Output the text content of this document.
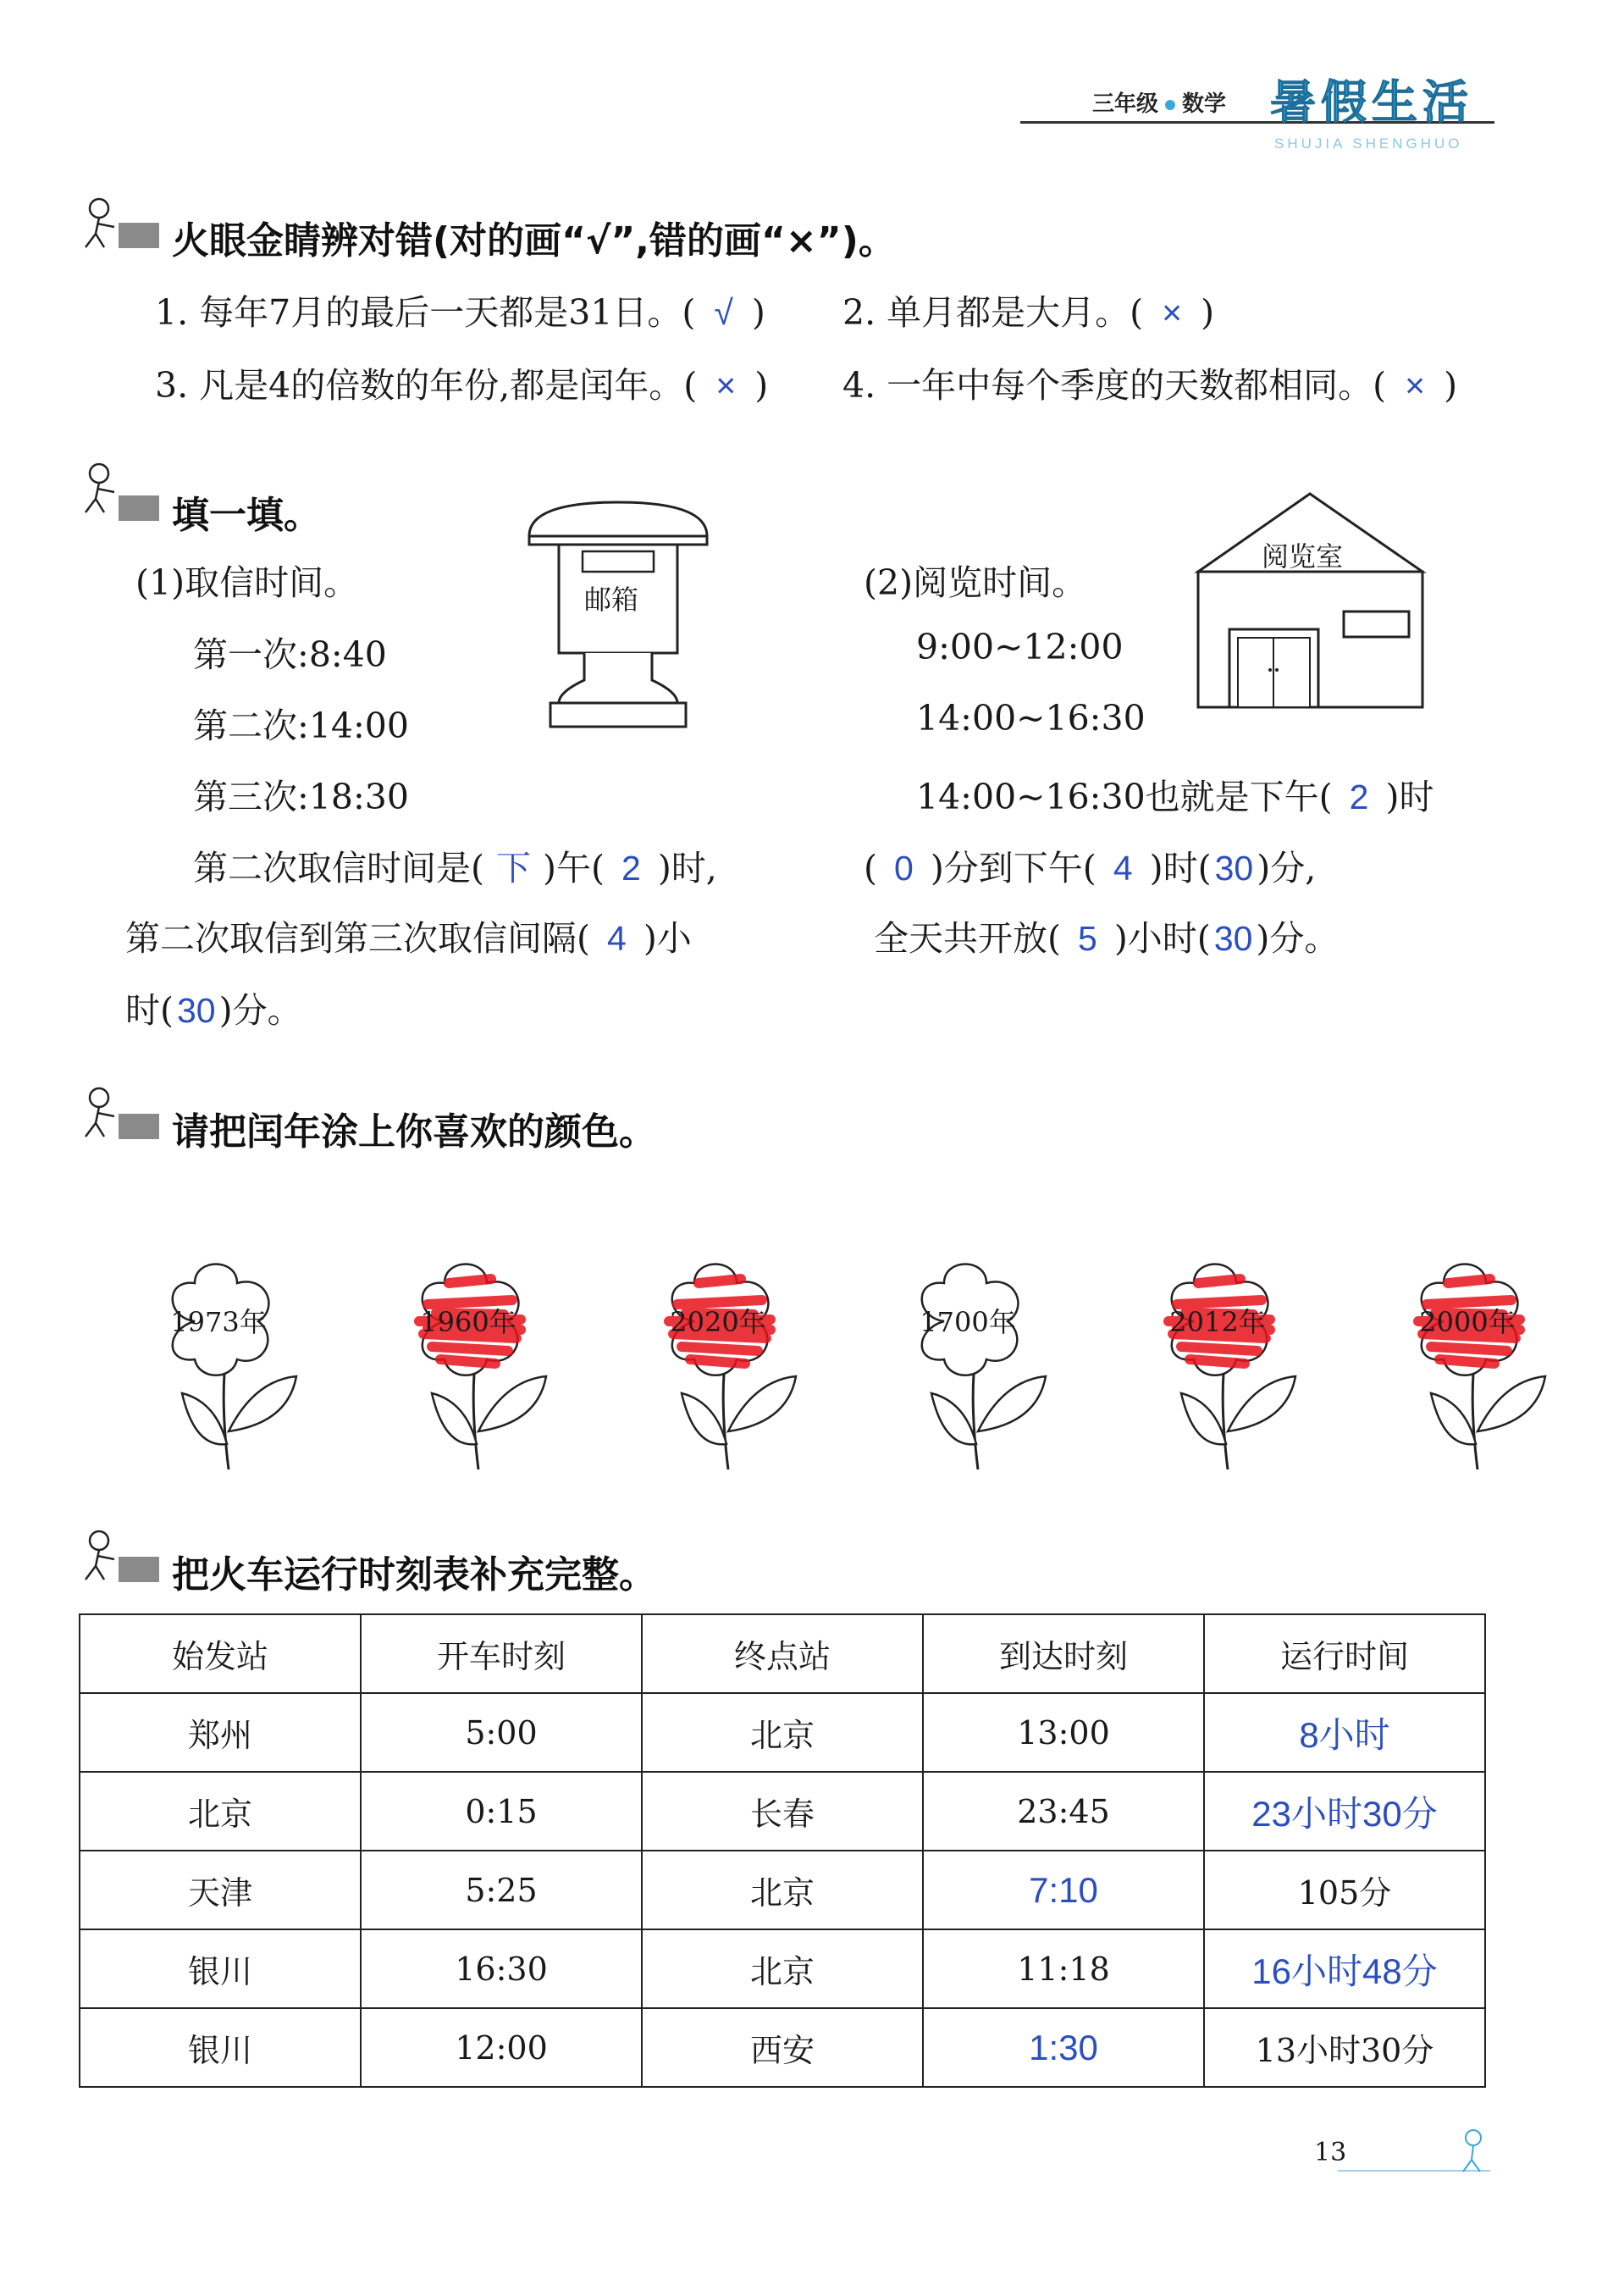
三年级 数学 暑假生活
SHUJIA SHENGHUO
火眼金睛辨对错(对的画“√”,错的画“×”)。
1. 每年7月的最后一天都是31日。( √ ) 2. 单月都是大月。( × )
3. 凡是4的倍数的年份,都是闰年。( × ) 4. 一年中每个季度的天数都相同。( × )
填一填。
(1)取信时间。
第一次:8:40
第二次:14:00
第三次:18:30
邮箱
第二次取信时间是( 下 )午( 2 )时,
第二次取信到第三次取信间隔( 4 )小
时(30)分。
(2)阅览时间。
9:00~12:00
14:00~16:30
阅览室
14:00~16:30也就是下午( 2 )时
( 0 )分到下午( 4 )时(30)分,
全天共开放( 5 )小时(30)分。
请把闰年涂上你喜欢的颜色。
1973年	1960年	2020年	1700年	2012年	2000年
把火车运行时刻表补充完整。
始发站	开车时刻	终点站	到达时刻	运行时间
郑州	5:00	北京	13:00	8小时
北京	0:15	长春	23:45	23小时30分
天津	5:25	北京	7:10	105分
银川	16:30	北京	11:18	16小时48分
银川	12:00	西安	1:30	13小时30分
13
